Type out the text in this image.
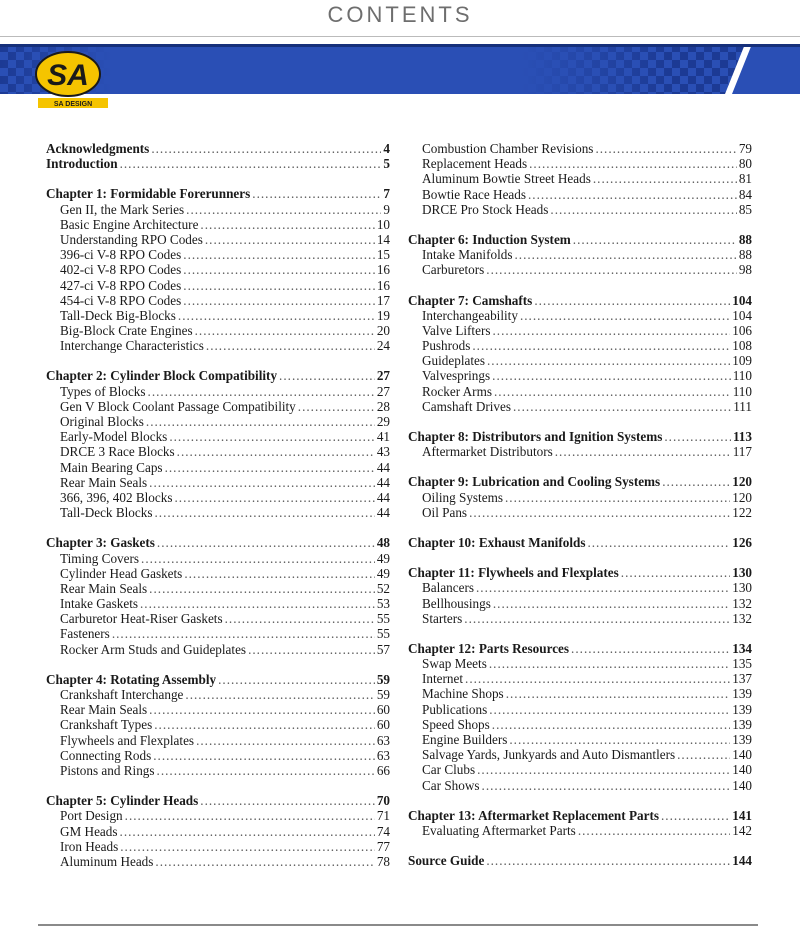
CONTENTS
SA
SA DESIGN
Acknowledgments .....	4
Introduction .....	5
Chapter 1: Formidable Forerunners .....	7
Gen II, the Mark Series .....	9
Basic Engine Architecture .....	10
Understanding RPO Codes .....	14
396-ci V-8 RPO Codes .....	15
402-ci V-8 RPO Codes .....	16
427-ci V-8 RPO Codes .....	16
454-ci V-8 RPO Codes .....	17
Tall-Deck Big-Blocks .....	19
Big-Block Crate Engines .....	20
Interchange Characteristics .....	24
Chapter 2: Cylinder Block Compatibility .....	27
Types of Blocks .....	27
Gen V Block Coolant Passage Compatibility .....	28
Original Blocks .....	29
Early-Model Blocks .....	41
DRCE 3 Race Blocks .....	43
Main Bearing Caps .....	44
Rear Main Seals .....	44
366, 396, 402 Blocks .....	44
Tall-Deck Blocks .....	44
Chapter 3: Gaskets .....	48
Timing Covers .....	49
Cylinder Head Gaskets .....	49
Rear Main Seals .....	52
Intake Gaskets .....	53
Carburetor Heat-Riser Gaskets .....	55
Fasteners .....	55
Rocker Arm Studs and Guideplates .....	57
Chapter 4: Rotating Assembly .....	59
Crankshaft Interchange .....	59
Rear Main Seals .....	60
Crankshaft Types .....	60
Flywheels and Flexplates .....	63
Connecting Rods .....	63
Pistons and Rings .....	66
Chapter 5: Cylinder Heads .....	70
Port Design .....	71
GM Heads .....	74
Iron Heads .....	77
Aluminum Heads .....	78
Combustion Chamber Revisions .....	79
Replacement Heads .....	80
Aluminum Bowtie Street Heads .....	81
Bowtie Race Heads .....	84
DRCE Pro Stock Heads .....	85
Chapter 6: Induction System .....	88
Intake Manifolds .....	88
Carburetors .....	98
Chapter 7: Camshafts .....	104
Interchangeability .....	104
Valve Lifters .....	106
Pushrods .....	108
Guideplates .....	109
Valvesprings .....	110
Rocker Arms .....	110
Camshaft Drives .....	111
Chapter 8: Distributors and Ignition Systems .....	113
Aftermarket Distributors .....	117
Chapter 9: Lubrication and Cooling Systems .....	120
Oiling Systems .....	120
Oil Pans .....	122
Chapter 10: Exhaust Manifolds .....	126
Chapter 11: Flywheels and Flexplates .....	130
Balancers .....	130
Bellhousings .....	132
Starters .....	132
Chapter 12: Parts Resources .....	134
Swap Meets .....	135
Internet .....	137
Machine Shops .....	139
Publications .....	139
Speed Shops .....	139
Engine Builders .....	139
Salvage Yards, Junkyards and Auto Dismantlers .....	140
Car Clubs .....	140
Car Shows .....	140
Chapter 13: Aftermarket Replacement Parts .....	141
Evaluating Aftermarket Parts .....	142
Source Guide .....	144
